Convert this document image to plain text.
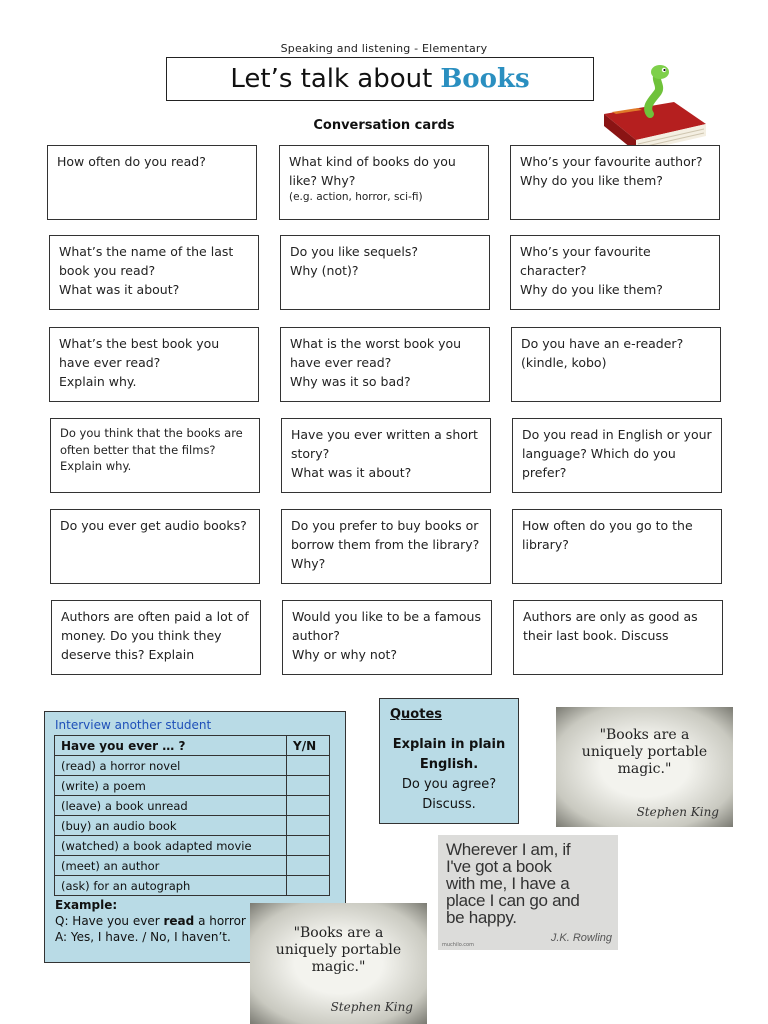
Speaking and listening - Elementary
Let’s talk about Books
Conversation cards
How often do you read?	What kind of books do you like? Why?
(e.g. action, horror, sci-fi)
Who’s your favourite author?
Why do you like them?
What’s the name of the last book you read?
What was it about?
Do you like sequels?
Why (not)?
Who’s your favourite character?
Why do you like them?
What’s the best book you have ever read?
Explain why.
What is the worst book you have ever read?
Why was it so bad?
Do you have an e-reader?
(kindle, kobo)
Do you think that the books are often better that the films? Explain why.
Have you ever written a short story?
What was it about?
Do you read in English or your language? Which do you prefer?
Do you ever get audio books?	Do you prefer to buy books or borrow them from the library? Why?
How often do you go to the library?
Authors are often paid a lot of money. Do you think they deserve this? Explain
Would you like to be a famous author?
Why or why not?
Authors are only as good as their last book. Discuss
Interview another student
Have you ever … ?	Y/N
(read) a horror novel	
(write) a poem	
(leave) a book unread	
(buy) an audio book	
(watched) a book adapted movie	
(meet) an author	
(ask) for an autograph	
Example:
Q: Have you ever read a horror
A: Yes, I have. / No, I haven’t.
Quotes
Explain in plain English.
Do you agree?
Discuss.
"Books are a
uniquely portable
magic."
Stephen King
Wherever I am, if
I've got a book
with me, I have a
place I can go and
be happy.
J.K. Rowling
muchilo.com
"Books are a
uniquely portable
magic."
Stephen King
